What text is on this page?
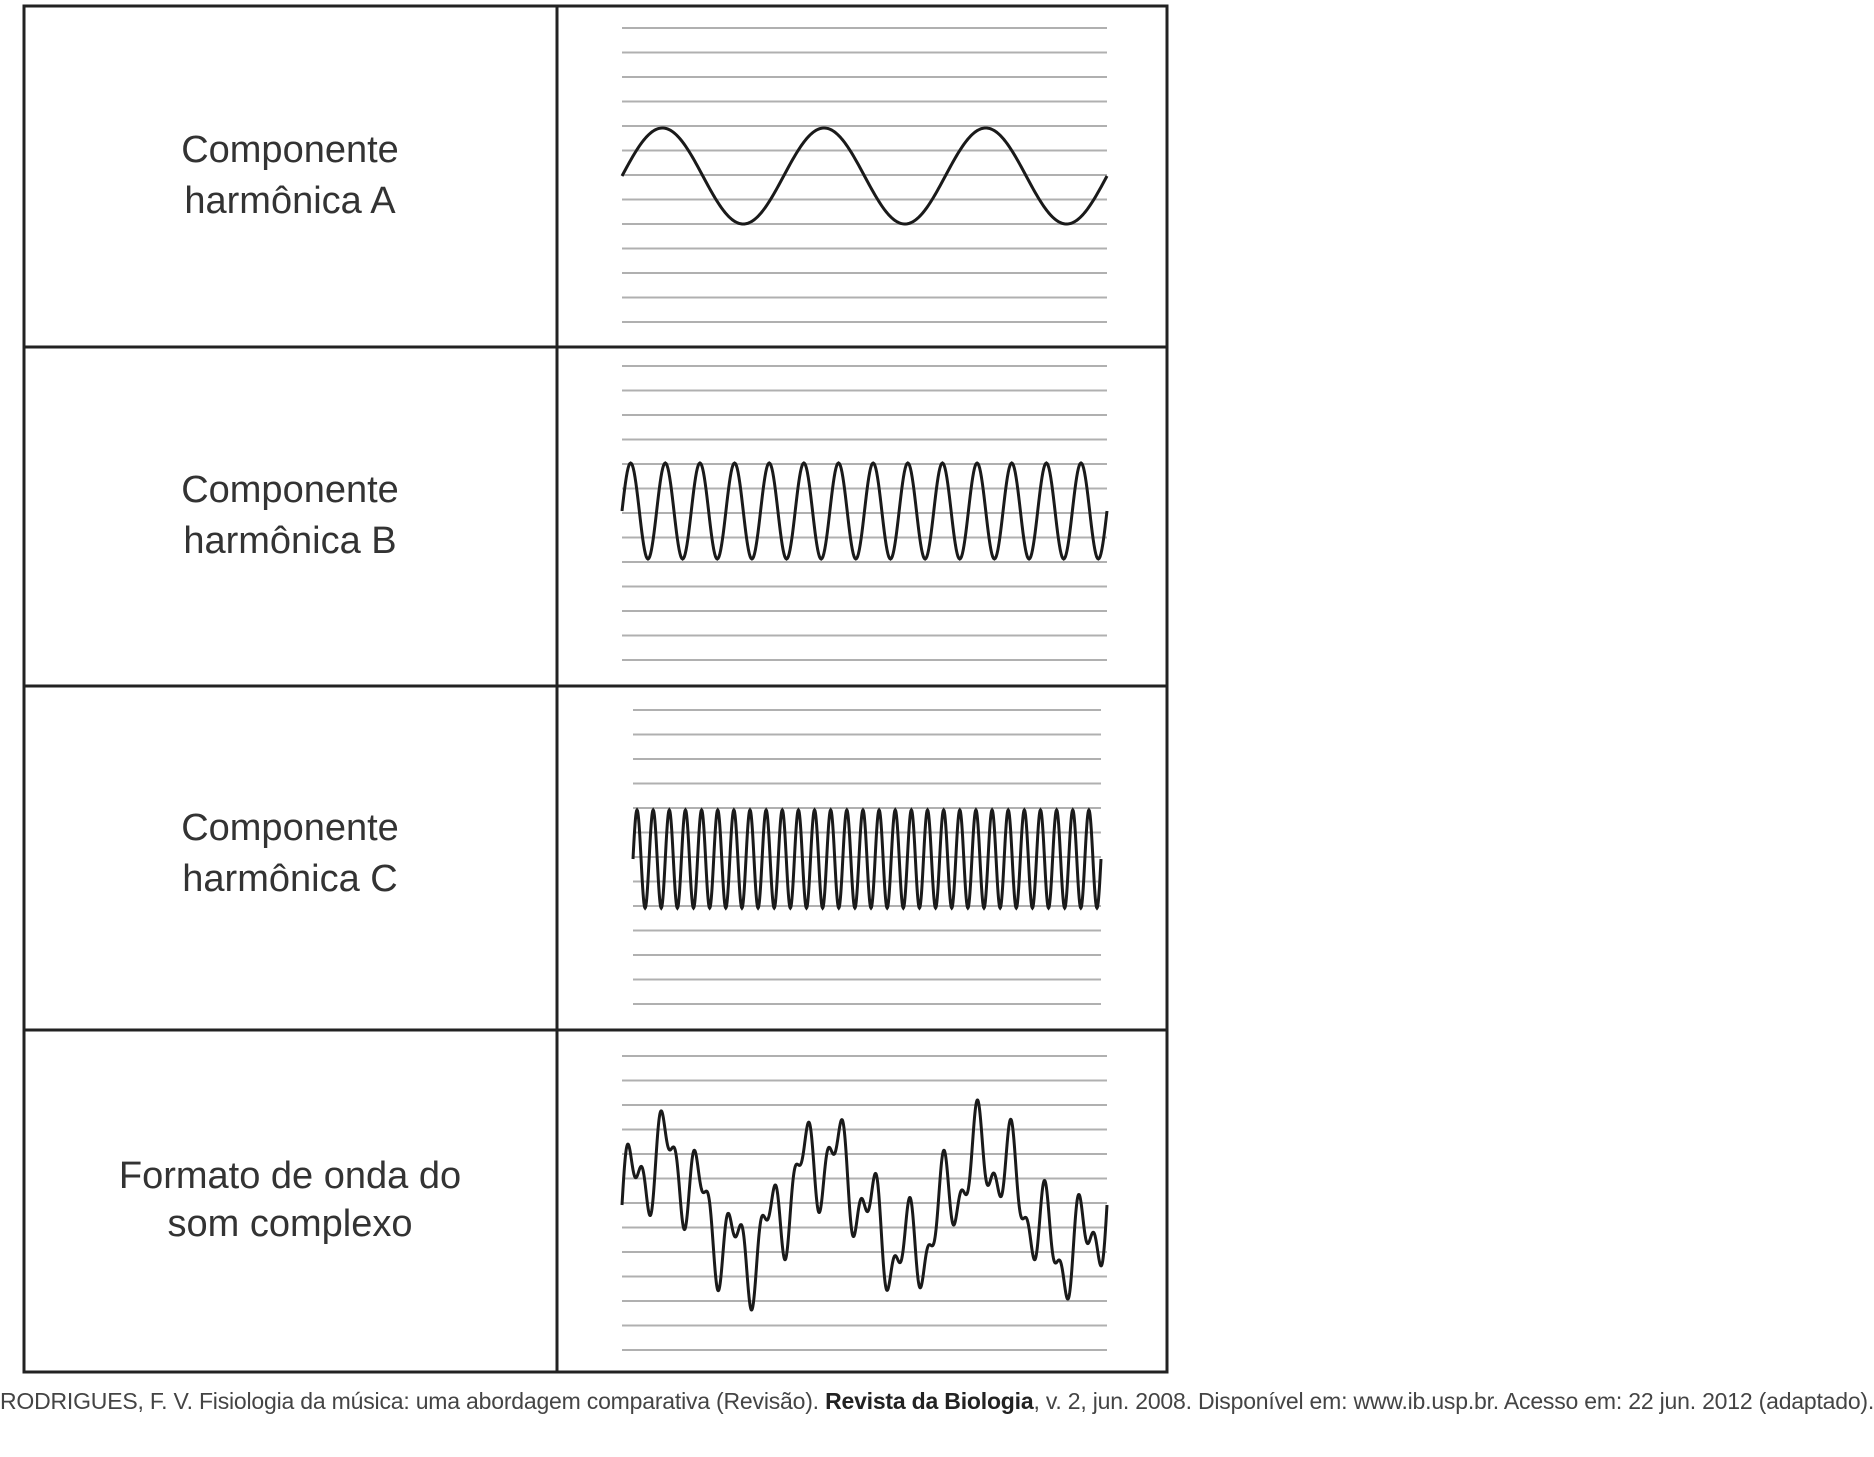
Componente
harmônica A
Componente
harmônica B
Componente
harmônica C
Formato de onda do
som complexo
RODRIGUES, F. V. Fisiologia da música: uma abordagem comparativa (Revisão). Revista da Biologia, v. 2, jun. 2008. Disponível em: www.ib.usp.br. Acesso em: 22 jun. 2012 (adaptado).
